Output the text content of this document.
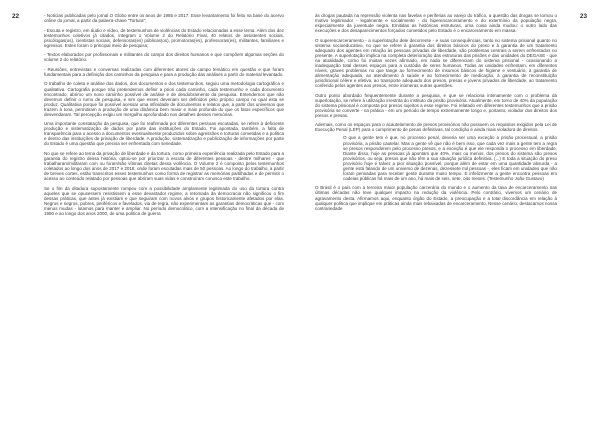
22	- Notícias publicadas pelo jornal O Globo entre os anos de 1985 e 2017. Esse levantamento foi feito na base do acervo online do jornal, a partir da palavra-chave “Tortura”;

- Escuta e registro, em áudio e vídeo, de testemunhos de violências do Estado relacionadas a esse tema. Além dos dez testemunhos coletivos já citados, integram o Volume 2 do Relatório Final, 40 relatos de assistentes sociais, psicólogas(os), cientistas sociais, defensoras(es) públicas(os), promotoras(es), professoras(es), militantes, familiares e egressos. Estes foram o principal meio de pesquisa;

- Textos elaborados por profissionais e militantes do campo dos direitos humanos e que compõem algumas seções do volume 2 do relatório.

- Reuniões, entrevistas e conversas realizadas com diferentes atores do campo temático em questão e que foram fundamentais para a definição dos caminhos da pesquisa e para a produção das análises a partir do material levantado.

O trabalho de coleta e análise dos dados, dos documentos e dos testemunhos, seguiu uma metodologia cartográfica e qualitativa. Cartografia porque não pretendemos definir a priori cada caminho, cada testemunho e cada documento encontrado, abrimo um novo caminho possível de análise e de desdobramento da pesquisa. Entendemos que não devemos definir o rumo de pesquisa, e sim que esses deveriam ser definidos pelo próprio campo no qual esta se produz. Qualitativa porque foi possível acessar uma infinidade de documentos e relatos que, a partir dos universos que trazem à tona, permitiram a produção de uma dinâmica bem maior e mais profunda do que os fatos específicos que desvendaram. Tal percepção exigiu um mergulho aprofundado nos detalhes desses memórias.

Uma importante constatação da pesquisa, que foi reafirmada por diferentes pessoas escutadas, se refere à deficiente produção e sistematização de dados por parte das instituições do Estado. Foi apontada, também, a falta de transparência para o acesso a documentos eventualmente produzidos sobre agressões e torturas cometidas e a política e dentro das instituições de privação de liberdade. A produção, sistematização e publicização de informações por parte do Estado é uma questão que precisa ser enfrentada com seriedade.

No que se refere ao tema da privação de liberdade e da tortura, como primeira experiência realizada pelo Estado para a garantia do registro dessa história, optou-se por priorizar a escuta de diferentes pessoas - dentre milhares - que trabalharam/militaram com ou foram/são vítimas diretas dessa violência. O Volume 2 é composto pelos testemunhos coletados ao longo dos anos de 2017 e 2018, onde foram escutadas mais de 50 pessoas. Ao longo do trabalho, a partir de breves cortes, estão transcritos esses testemunhos como forma de registrar as memórias partilhadas e de permitir o acesso ao conteúdo relatado por pessoas que abriram suas vidas e construíram conosco este trabalho.

Se o fim da ditadura supostamente rompeu com a possibilidade amplamente legitimada do uso da tortura contra aqueles que se opusessem resistissem a esse devastador regime, a retomada da democracia não significou o fim dessas práticas, que antes já existiam e que seguiram com novos alvos e grupos historicamente afetados por elas. Negros e negros, pobres, periféricos e favelados, via de regra, não experimentam as garantias democráticas que - com menos mudas - lutamos para manter e ampliar. No período democrático, com a intensificação no final da década de 1990 e ao longo dos anos 2000, de uma política de guerra

23

às drogas pautada na repressão violenta nas favelas e periferias ao varejo do tráfico, a questão das drogas se tornou o motivo legitimador - legalmente e socialmente - do hiperencarceramento e do extermínio da população negra, especialmente da juventude negra. Emitidas as históricas estruturas, uma coisa ainda mudou: o outro lado das execuções e dos desaparecimentos forçados cometidos pelo Estado é o encarceramento em massa.

O superencarceramento - a superlotação dele decorrente - e suas consequências, tanto no sistema prisional quanto no sistema socioeducativo, no que se refere à garantia dos direitos básicos do preso e à garantia de um tratamento adequado dos agentes em relação às pessoas privadas de liberdade, são problemas centrais a serem enfrentados no presente. A superlotação implica na completa deterioração das estruturas das prisões e das unidades do DEGASE - que na atualidade, como foi muitas vezes afirmado, em nada se diferenciam do sistema prisional - ocasionando a inadequação total desses espaços para a custódia de seres humanos. Todas as unidades enfrentam, em diferentes níveis, graves problemas no que tange ao fornecimento de insumos básicos de higiene e vestuário, à garantia de alimentação adequada, ao atendimento à saúde e ao fornecimento de medicação, à garantia de reconstituição jurisdicional célere e efetiva, ao transporte adequado dos presos, presas e jovens privados de liberdade, ao tratamento conferido pelos agentes aos presos, entre inúmeras outras questões.

Outro ponto abordado frequentemente durante a pesquisa, e que se relaciona intimamente com o problema da superlotação, se refere à utilização irrestrita do instituto da prisão provisória. Atualmente, em torno de 40% da população do sistema prisional é composta por presos sujeitos a esse regime. Foi relatado em diferentes testemunhos que a prisão provisória se converte - na prática - em um período de tempo extremamente longo e, portanto, violador dos direitos dos presos e presas.

Ademais, como os espaços para o acautelamento de presos provisórios não possuem os requisitos exigidos pela Lei de Execução Penal (LEP) para o cumprimento de penas definitivas, tal condição é ainda mais violadora de direitos.

O que a gente tem é que, no processo penal, deveria ser uma exceção a prisão processual, a prisão provisória, a prisão cautelar. Mas a gente vê que não é bem isso, que cada vez mais a gente tem a regra se presos responderem pelo processo presos, e a exceção é que ele responda o processo em liberdade. Diante disso, hoje as pessoas já apontam que 40%, mais ou menos, dos presos do sistema são presos provisórios, ou seja, presos que não têm a sua situação jurídica definitiva. (...) E toda a situação do preso provisório hoje é talvez a pior situação possível, porque além de estar em uma quantidade absurda - a gente está falando de um universo de dezenas, dezessete mil pessoas -, eles ficam em unidades que não foram pensadas para receber gente durante muito tempo. E infelizmente a gente encontra pessoas em cadeias públicas há mais de um ano, há mais de seis, sete, oito meses. (Testemunho João Gustavo)

O Brasil é o país com a terceira maior população carcerária do mundo e o aumento da taxa de encarceramento nas últimas décadas não teve qualquer impacto na redução da violência. Pelo contrário, vivemos um cenário de agravamento desta. Afirmamos aqui, enquanto órgão do Estado, a preocupação e a total discordância em relação à qualquer política que implique em práticas ainda mais rebaixadas de encarceramento. Nesse cenário, destacamos nossa contrariedade
